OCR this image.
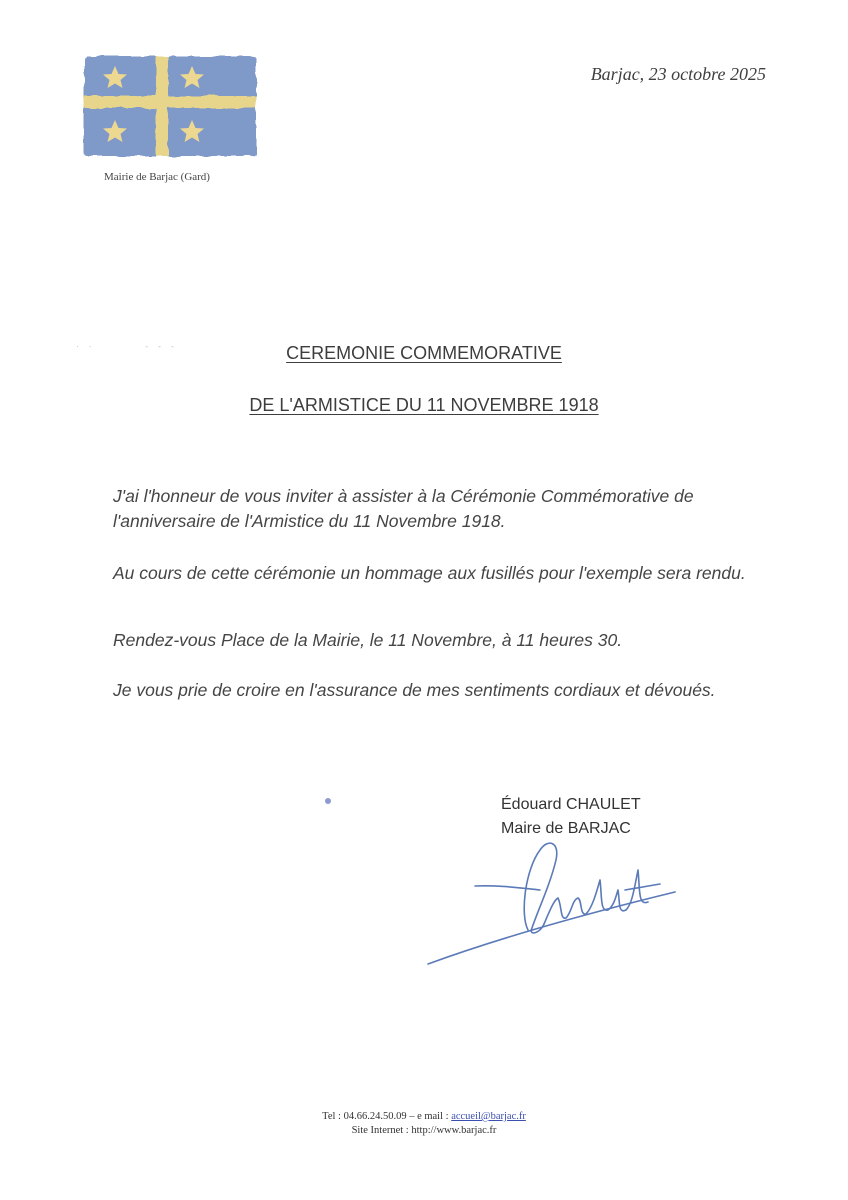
Mairie de Barjac (Gard)
Barjac, 23 octobre 2025
· ·        - - -	CEREMONIE COMMEMORATIVE
DE L'ARMISTICE DU 11 NOVEMBRE 1918
J'ai l'honneur de vous inviter à assister à la Cérémonie Commémorative de l'anniversaire de l'Armistice du 11 Novembre 1918.
Au cours de cette cérémonie un hommage aux fusillés pour l'exemple sera rendu.
Rendez-vous Place de la Mairie, le 11 Novembre, à 11 heures 30.
Je vous prie de croire en l'assurance de mes sentiments cordiaux et dévoués.
Édouard CHAULET
Maire de BARJAC
Tel : 04.66.24.50.09 – e mail : accueil@barjac.fr
Site Internet : http://www.barjac.fr
